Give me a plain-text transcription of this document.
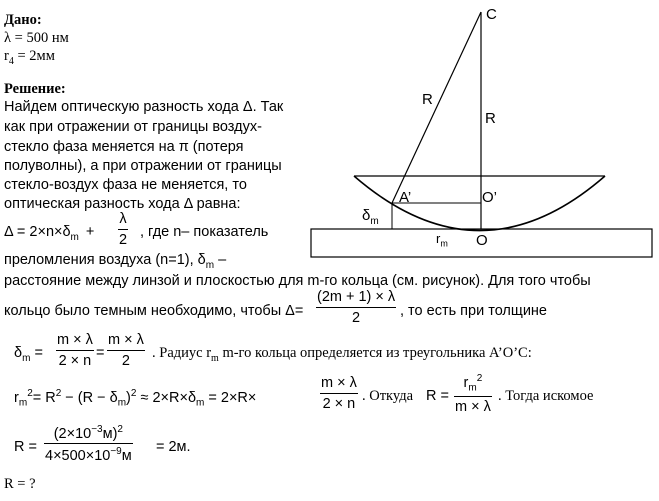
Дано:
λ = 500 нм
$r_4 = 2мм$
Решение:
Найдем оптическую разность хода Δ. Так
как при отражении от границы воздух-
стекло фаза меняется на π (потеря
полуволны), а при отражении от границы
стекло-воздух фаза не меняется, то
оптическая разность хода Δ равна:
$\Delta = 2\times n\times\delta_m + \frac{\lambda}{2}$ , где n– показатель
преломления воздуха (n=1), $\delta_m$ –
расстояние между линзой и плоскостью для m-го кольца (см. рисунок). Для того чтобы
кольцо было темным необходимо, чтобы $\Delta= \frac{(2m + 1) \times \lambda}{2}$ , то есть при толщине
$\delta_m = \frac{m \times \lambda}{2 \times n} = \frac{m \times \lambda}{2}$ . Радиус $r_m$ m-го кольца определяется из треугольника A’O’C:
$r_m^2= R^2 - (R - \delta_m)^2 \approx 2\times R\times\delta_m = 2\times R\times$	$\frac{m \times \lambda}{2 \times n}$ . Откуда $R = \frac{r_m^2}{m \times \lambda}$ . Тогда искомое
R =
$(2\times 10^{-3}м)^2$
$4\times 500\times 10^{-9}м$
= 2м.
R = ?
C
R
R
A’	O’
O
$\delta_m$
$r_m$
